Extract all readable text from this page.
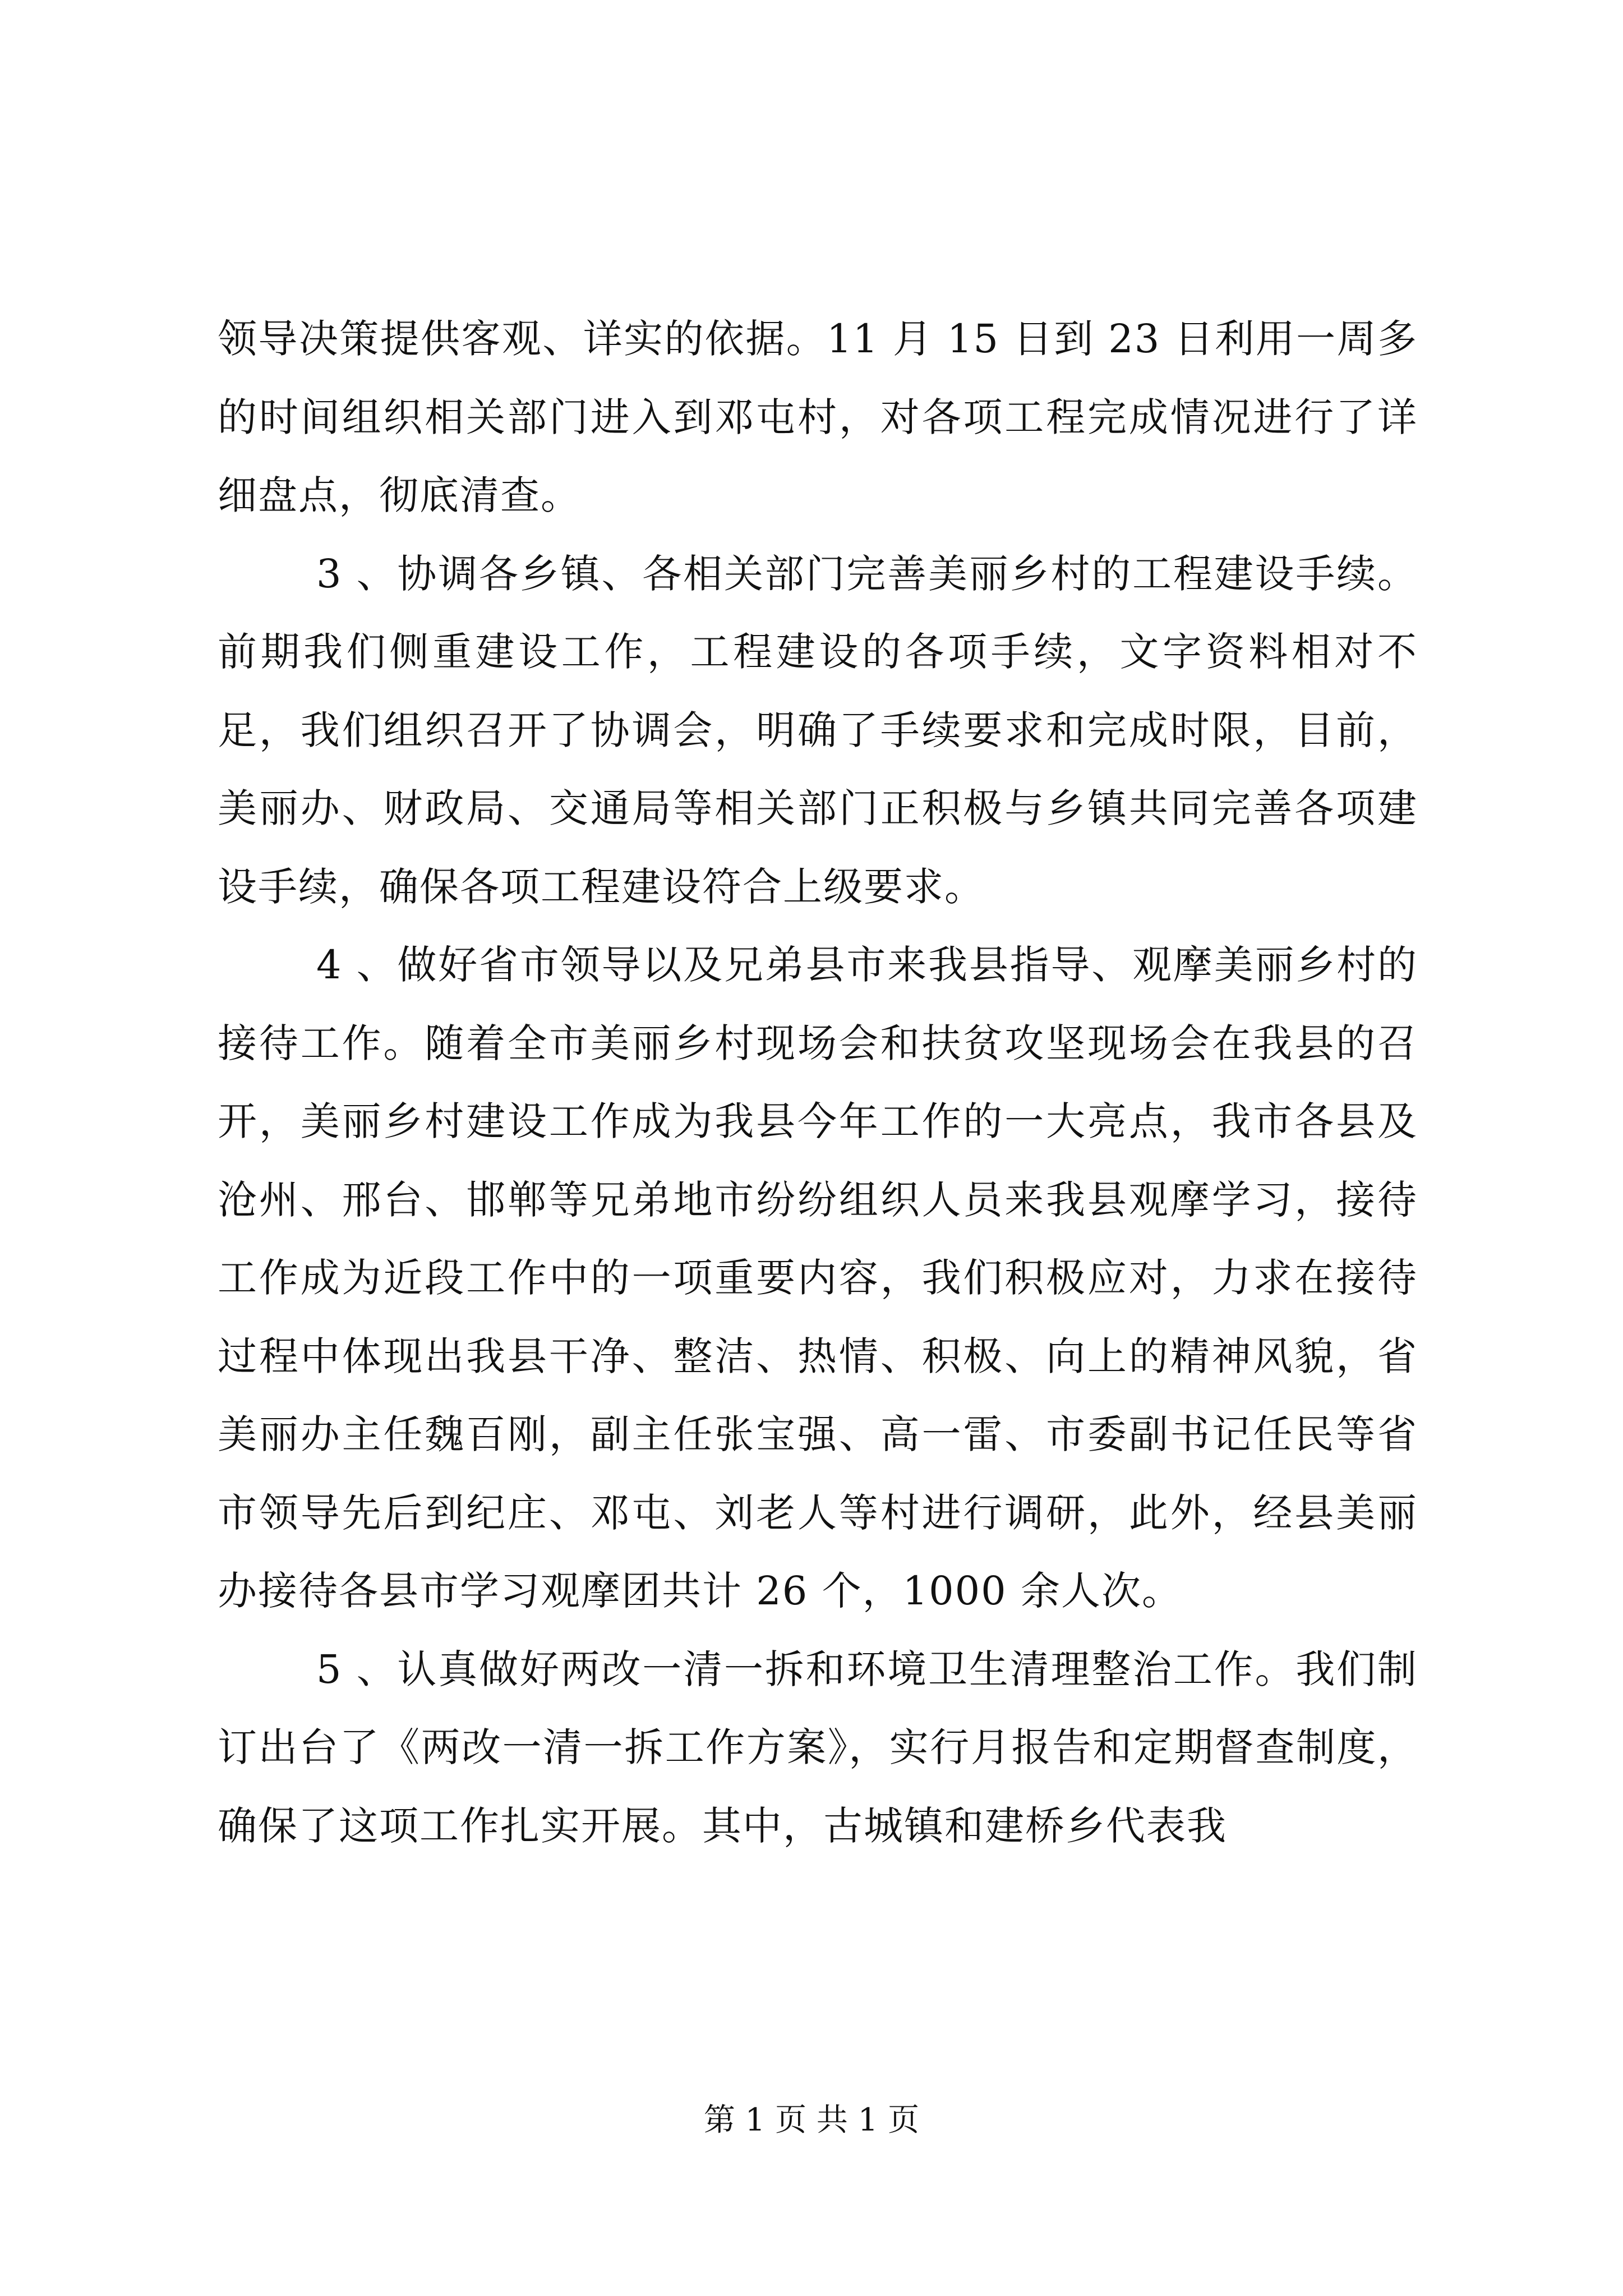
领导决策提供客观、详实的依据。11 月 15 日到 23 日利用一周多的时间组织相关部门进入到邓屯村，对各项工程完成情况进行了详细盘点，彻底清查。

3 、协调各乡镇、各相关部门完善美丽乡村的工程建设手续。前期我们侧重建设工作，工程建设的各项手续，文字资料相对不足，我们组织召开了协调会，明确了手续要求和完成时限，目前，美丽办、财政局、交通局等相关部门正积极与乡镇共同完善各项建设手续，确保各项工程建设符合上级要求。

4 、做好省市领导以及兄弟县市来我县指导、观摩美丽乡村的接待工作。随着全市美丽乡村现场会和扶贫攻坚现场会在我县的召开，美丽乡村建设工作成为我县今年工作的一大亮点，我市各县及沧州、邢台、邯郸等兄弟地市纷纷组织人员来我县观摩学习，接待工作成为近段工作中的一项重要内容，我们积极应对，力求在接待过程中体现出我县干净、整洁、热情、积极、向上的精神风貌，省美丽办主任魏百刚，副主任张宝强、高一雷、市委副书记任民等省市领导先后到纪庄、邓屯、刘老人等村进行调研，此外，经县美丽办接待各县市学习观摩团共计 26 个，1000 余人次。

5 、认真做好两改一清一拆和环境卫生清理整治工作。我们制订出台了《两改一清一拆工作方案》，实行月报告和定期督查制度，确保了这项工作扎实开展。其中，古城镇和建桥乡代表我

第 1 页 共 1 页
